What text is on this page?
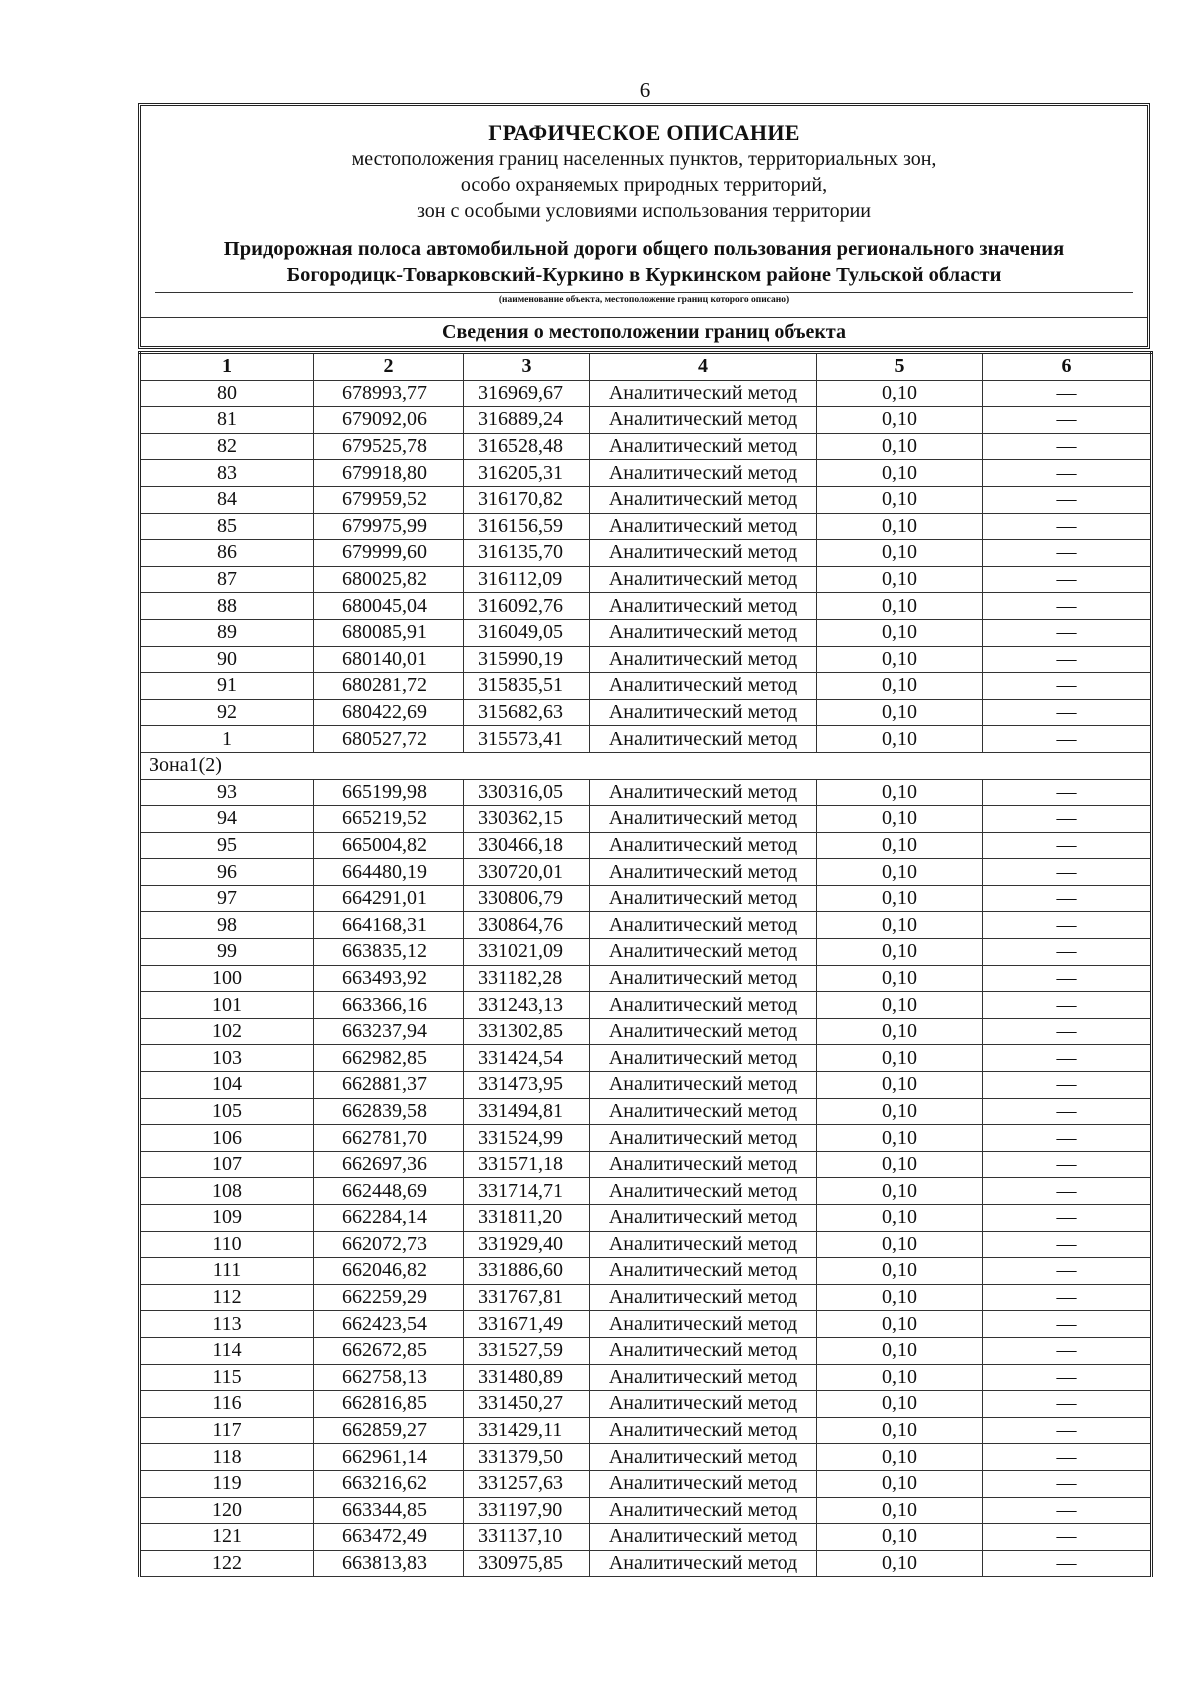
6
ГРАФИЧЕСКОЕ ОПИСАНИЕ
местоположения границ населенных пунктов, территориальных зон,
особо охраняемых природных территорий,
зон с особыми условиями использования территории
Придорожная полоса автомобильной дороги общего пользования регионального значения
Богородицк-Товарковский-Куркино в Куркинском районе Тульской области
(наименование объекта, местоположение границ которого описано)
Сведения о местоположении границ объекта
1	2	3	4	5	6
80	678993,77	316969,67	Аналитический метод	0,10	—
81	679092,06	316889,24	Аналитический метод	0,10	—
82	679525,78	316528,48	Аналитический метод	0,10	—
83	679918,80	316205,31	Аналитический метод	0,10	—
84	679959,52	316170,82	Аналитический метод	0,10	—
85	679975,99	316156,59	Аналитический метод	0,10	—
86	679999,60	316135,70	Аналитический метод	0,10	—
87	680025,82	316112,09	Аналитический метод	0,10	—
88	680045,04	316092,76	Аналитический метод	0,10	—
89	680085,91	316049,05	Аналитический метод	0,10	—
90	680140,01	315990,19	Аналитический метод	0,10	—
91	680281,72	315835,51	Аналитический метод	0,10	—
92	680422,69	315682,63	Аналитический метод	0,10	—
1	680527,72	315573,41	Аналитический метод	0,10	—
Зона1(2)					
93	665199,98	330316,05	Аналитический метод	0,10	—
94	665219,52	330362,15	Аналитический метод	0,10	—
95	665004,82	330466,18	Аналитический метод	0,10	—
96	664480,19	330720,01	Аналитический метод	0,10	—
97	664291,01	330806,79	Аналитический метод	0,10	—
98	664168,31	330864,76	Аналитический метод	0,10	—
99	663835,12	331021,09	Аналитический метод	0,10	—
100	663493,92	331182,28	Аналитический метод	0,10	—
101	663366,16	331243,13	Аналитический метод	0,10	—
102	663237,94	331302,85	Аналитический метод	0,10	—
103	662982,85	331424,54	Аналитический метод	0,10	—
104	662881,37	331473,95	Аналитический метод	0,10	—
105	662839,58	331494,81	Аналитический метод	0,10	—
106	662781,70	331524,99	Аналитический метод	0,10	—
107	662697,36	331571,18	Аналитический метод	0,10	—
108	662448,69	331714,71	Аналитический метод	0,10	—
109	662284,14	331811,20	Аналитический метод	0,10	—
110	662072,73	331929,40	Аналитический метод	0,10	—
111	662046,82	331886,60	Аналитический метод	0,10	—
112	662259,29	331767,81	Аналитический метод	0,10	—
113	662423,54	331671,49	Аналитический метод	0,10	—
114	662672,85	331527,59	Аналитический метод	0,10	—
115	662758,13	331480,89	Аналитический метод	0,10	—
116	662816,85	331450,27	Аналитический метод	0,10	—
117	662859,27	331429,11	Аналитический метод	0,10	—
118	662961,14	331379,50	Аналитический метод	0,10	—
119	663216,62	331257,63	Аналитический метод	0,10	—
120	663344,85	331197,90	Аналитический метод	0,10	—
121	663472,49	331137,10	Аналитический метод	0,10	—
122	663813,83	330975,85	Аналитический метод	0,10	—
